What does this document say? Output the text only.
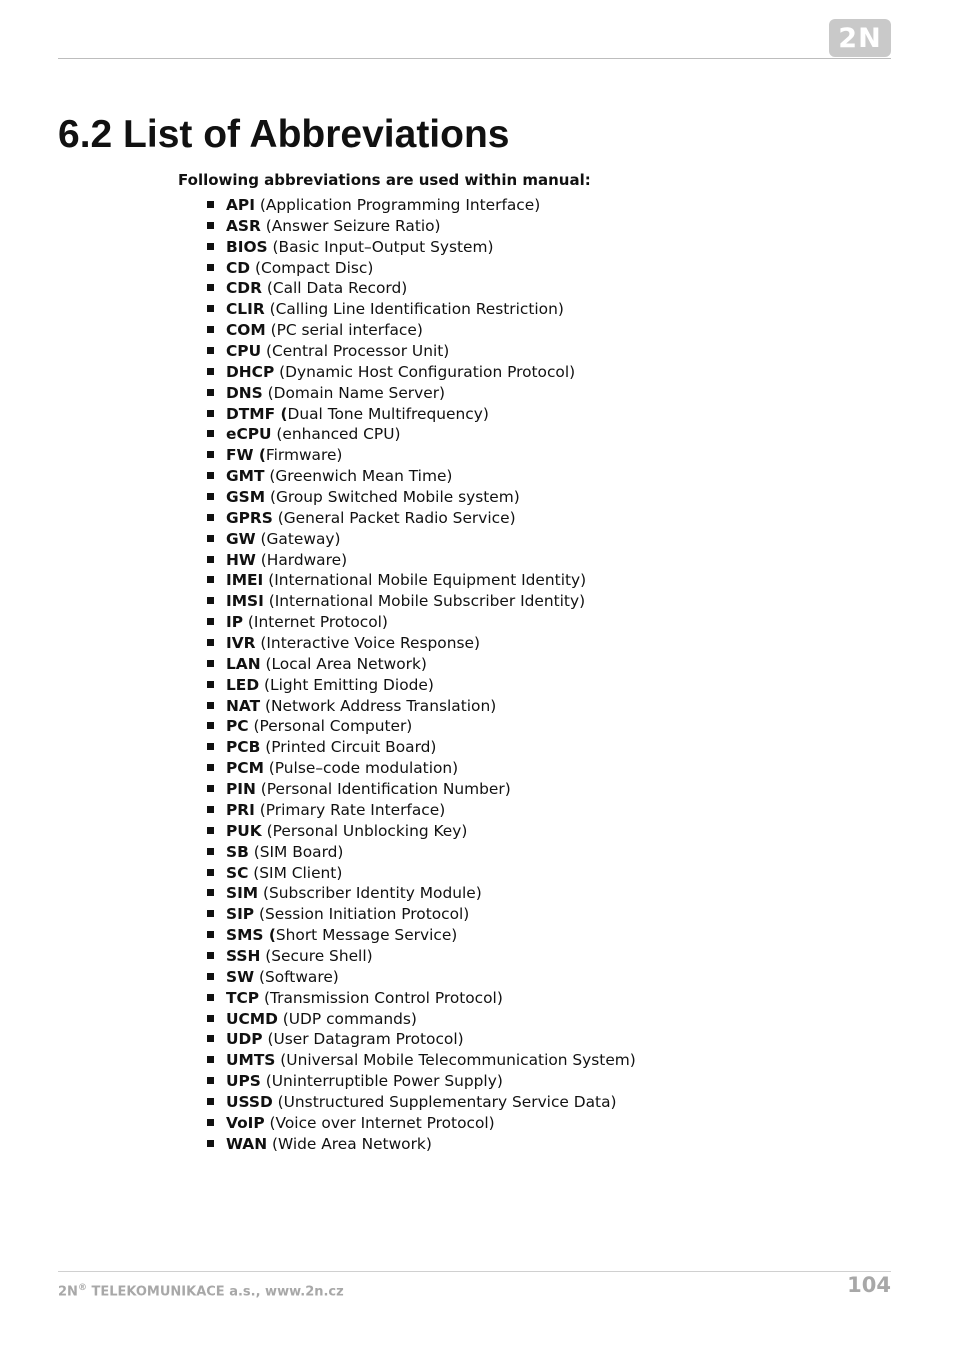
2N
6.2 List of Abbreviations

Following abbreviations are used within manual:

API (Application Programming Interface)
ASR (Answer Seizure Ratio)
BIOS (Basic Input–Output System)
CD (Compact Disc)
CDR (Call Data Record)
CLIR (Calling Line Identification Restriction)
COM (PC serial interface)
CPU (Central Processor Unit)
DHCP (Dynamic Host Configuration Protocol)
DNS (Domain Name Server)
DTMF (Dual Tone Multifrequency)
eCPU (enhanced CPU)
FW (Firmware)
GMT (Greenwich Mean Time)
GSM (Group Switched Mobile system)
GPRS (General Packet Radio Service)
GW (Gateway)
HW (Hardware)
IMEI (International Mobile Equipment Identity)
IMSI (International Mobile Subscriber Identity)
IP (Internet Protocol)
IVR (Interactive Voice Response)
LAN (Local Area Network)
LED (Light Emitting Diode)
NAT (Network Address Translation)
PC (Personal Computer)
PCB (Printed Circuit Board)
PCM (Pulse–code modulation)
PIN (Personal Identification Number)
PRI (Primary Rate Interface)
PUK (Personal Unblocking Key)
SB (SIM Board)
SC (SIM Client)
SIM (Subscriber Identity Module)
SIP (Session Initiation Protocol)
SMS (Short Message Service)
SSH (Secure Shell)
SW (Software)
TCP (Transmission Control Protocol)
UCMD (UDP commands)
UDP (User Datagram Protocol)
UMTS (Universal Mobile Telecommunication System)
UPS (Uninterruptible Power Supply)
USSD (Unstructured Supplementary Service Data)
VoIP (Voice over Internet Protocol)
WAN (Wide Area Network)

2N® TELEKOMUNIKACE a.s., www.2n.cz	104
